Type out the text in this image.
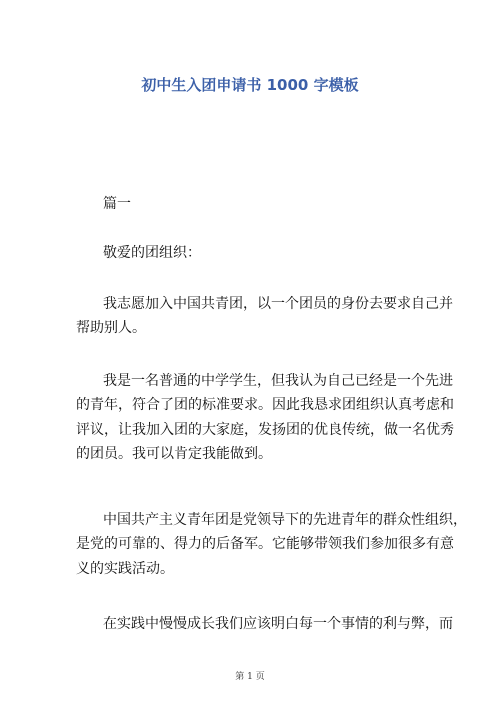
初中生入团申请书 1000 字模板
篇一
敬爱的团组织：
我志愿加入中国共青团，以一个团员的身份去要求自己并
帮助别人。
我是一名普通的中学学生，但我认为自己已经是一个先进
的青年，符合了团的标准要求。因此我恳求团组织认真考虑和
评议，让我加入团的大家庭，发扬团的优良传统，做一名优秀
的团员。我可以肯定我能做到。
中国共产主义青年团是党领导下的先进青年的群众性组织，
是党的可靠的、得力的后备军。它能够带领我们参加很多有意
义的实践活动。
在实践中慢慢成长我们应该明白每一个事情的利与弊，而
第 1 页
